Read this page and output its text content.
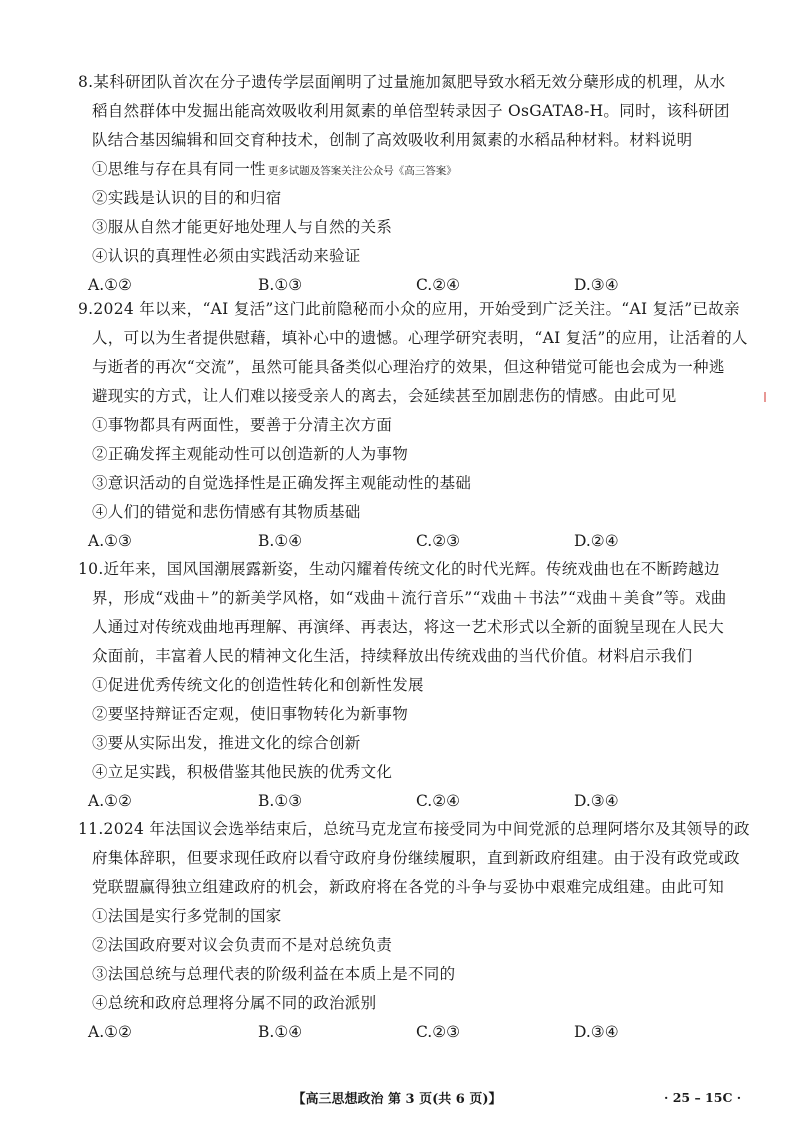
8.某科研团队首次在分子遗传学层面阐明了过量施加氮肥导致水稻无效分蘖形成的机理，从水
稻自然群体中发掘出能高效吸收利用氮素的单倍型转录因子 OsGATA8-H。同时，该科研团
队结合基因编辑和回交育种技术，创制了高效吸收利用氮素的水稻品种材料。材料说明
①思维与存在具有同一性 更多试题及答案关注公众号《高三答案》
②实践是认识的目的和归宿
③服从自然才能更好地处理人与自然的关系
④认识的真理性必须由实践活动来验证
A.①②	B.①③	C.②④	D.③④
9.2024 年以来，“AI 复活”这门此前隐秘而小众的应用，开始受到广泛关注。“AI 复活”已故亲
人，可以为生者提供慰藉，填补心中的遗憾。心理学研究表明，“AI 复活”的应用，让活着的人
与逝者的再次“交流”，虽然可能具备类似心理治疗的效果，但这种错觉可能也会成为一种逃
避现实的方式，让人们难以接受亲人的离去，会延续甚至加剧悲伤的情感。由此可见
①事物都具有两面性，要善于分清主次方面
②正确发挥主观能动性可以创造新的人为事物
③意识活动的自觉选择性是正确发挥主观能动性的基础
④人们的错觉和悲伤情感有其物质基础
A.①③	B.①④	C.②③	D.②④
10.近年来，国风国潮展露新姿，生动闪耀着传统文化的时代光辉。传统戏曲也在不断跨越边
界，形成“戏曲＋”的新美学风格，如“戏曲＋流行音乐”“戏曲＋书法”“戏曲＋美食”等。戏曲
人通过对传统戏曲地再理解、再演绎、再表达，将这一艺术形式以全新的面貌呈现在人民大
众面前，丰富着人民的精神文化生活，持续释放出传统戏曲的当代价值。材料启示我们
①促进优秀传统文化的创造性转化和创新性发展
②要坚持辩证否定观，使旧事物转化为新事物
③要从实际出发，推进文化的综合创新
④立足实践，积极借鉴其他民族的优秀文化
A.①②	B.①③	C.②④	D.③④
11.2024 年法国议会选举结束后，总统马克龙宣布接受同为中间党派的总理阿塔尔及其领导的政
府集体辞职，但要求现任政府以看守政府身份继续履职，直到新政府组建。由于没有政党或政
党联盟赢得独立组建政府的机会，新政府将在各党的斗争与妥协中艰难完成组建。由此可知
①法国是实行多党制的国家
②法国政府要对议会负责而不是对总统负责
③法国总统与总理代表的阶级利益在本质上是不同的
④总统和政府总理将分属不同的政治派别
A.①②	B.①④	C.②③	D.③④
【高三思想政治 第 3 页(共 6 页)】	· 25 – 15C ·
